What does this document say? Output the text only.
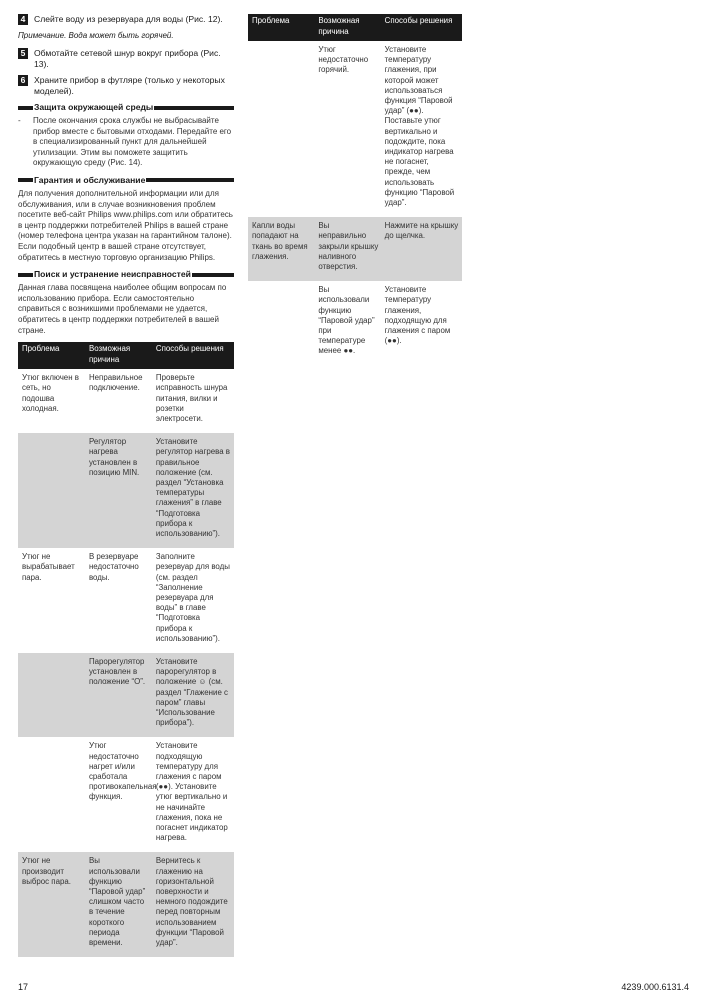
4	Слейте воду из резервуара для воды (Рис. 12).
Примечание. Вода может быть горячей.
5	Обмотайте сетевой шнур вокруг прибора (Рис. 13).
6	Храните прибор в футляре (только у некоторых моделей).
Защита окружающей среды
-	После окончания срока службы не выбрасывайте прибор вместе с бытовыми отходами. Передайте его в специализированный пункт для дальнейшей утилизации. Этим вы поможете защитить окружающую среду (Рис. 14).
Гарантия и обслуживание
Для получения дополнительной информации или для обслуживания, или в случае возникновения проблем посетите веб-сайт Philips www.philips.com или обратитесь в центр поддержки потребителей Philips в вашей стране (номер телефона центра указан на гарантийном талоне). Если подобный центр в вашей стране отсутствует, обратитесь в местную торговую организацию Philips.
Поиск и устранение неисправностей
Данная глава посвящена наиболее общим вопросам по использованию прибора. Если самостоятельно справиться с возникшими проблемами не удается, обратитесь в центр поддержки потребителей в вашей стране.
Проблема	Возможная причина	Способы решения
Утюг включен в сеть, но подошва холодная.	Неправильное подключение.	Проверьте исправность шнура питания, вилки и розетки электросети.
	Регулятор нагрева установлен в позицию MIN.	Установите регулятор нагрева в правильное положение (см. раздел “Установка температуры глажения” в главе “Подготовка прибора к использованию”).
Утюг не вырабатывает пара.	В резервуаре недостаточно воды.	Заполните резервуар для воды (см. раздел “Заполнение резервуара для воды” в главе “Подготовка прибора к использованию”).
	Парорегулятор установлен в положение “O”.	Установите парорегулятор в положение ☺ (см. раздел “Глажение с паром” главы “Использование прибора”).
	Утюг недостаточно нагрет и/или сработала противокапельная функция.	Установите подходящую температуру для глажения с паром (●●). Установите утюг вертикально и не начинайте глажения, пока не погаснет индикатор нагрева.
Утюг не производит выброс пара.	Вы использовали функцию “Паровой удар” слишком часто в течение короткого периода времени.	Вернитесь к глажению на горизонтальной поверхности и немного подождите перед повторным использованием функции “Паровой удар”.
Проблема	Возможная причина	Способы решения
	Утюг недостаточно горячий.	Установите температуру глажения, при которой может использоваться функция “Паровой удар” (●●). Поставьте утюг вертикально и подождите, пока индикатор нагрева не погаснет, прежде, чем использовать функцию “Паровой удар”.
Капли воды попадают на ткань во время глажения.	Вы неправильно закрыли крышку наливного отверстия.	Нажмите на крышку до щелчка.
	Вы использовали функцию “Паровой удар” при температуре менее ●●.	Установите температуру глажения, подходящую для глажения с паром (●●).
17	4239.000.6131.4
